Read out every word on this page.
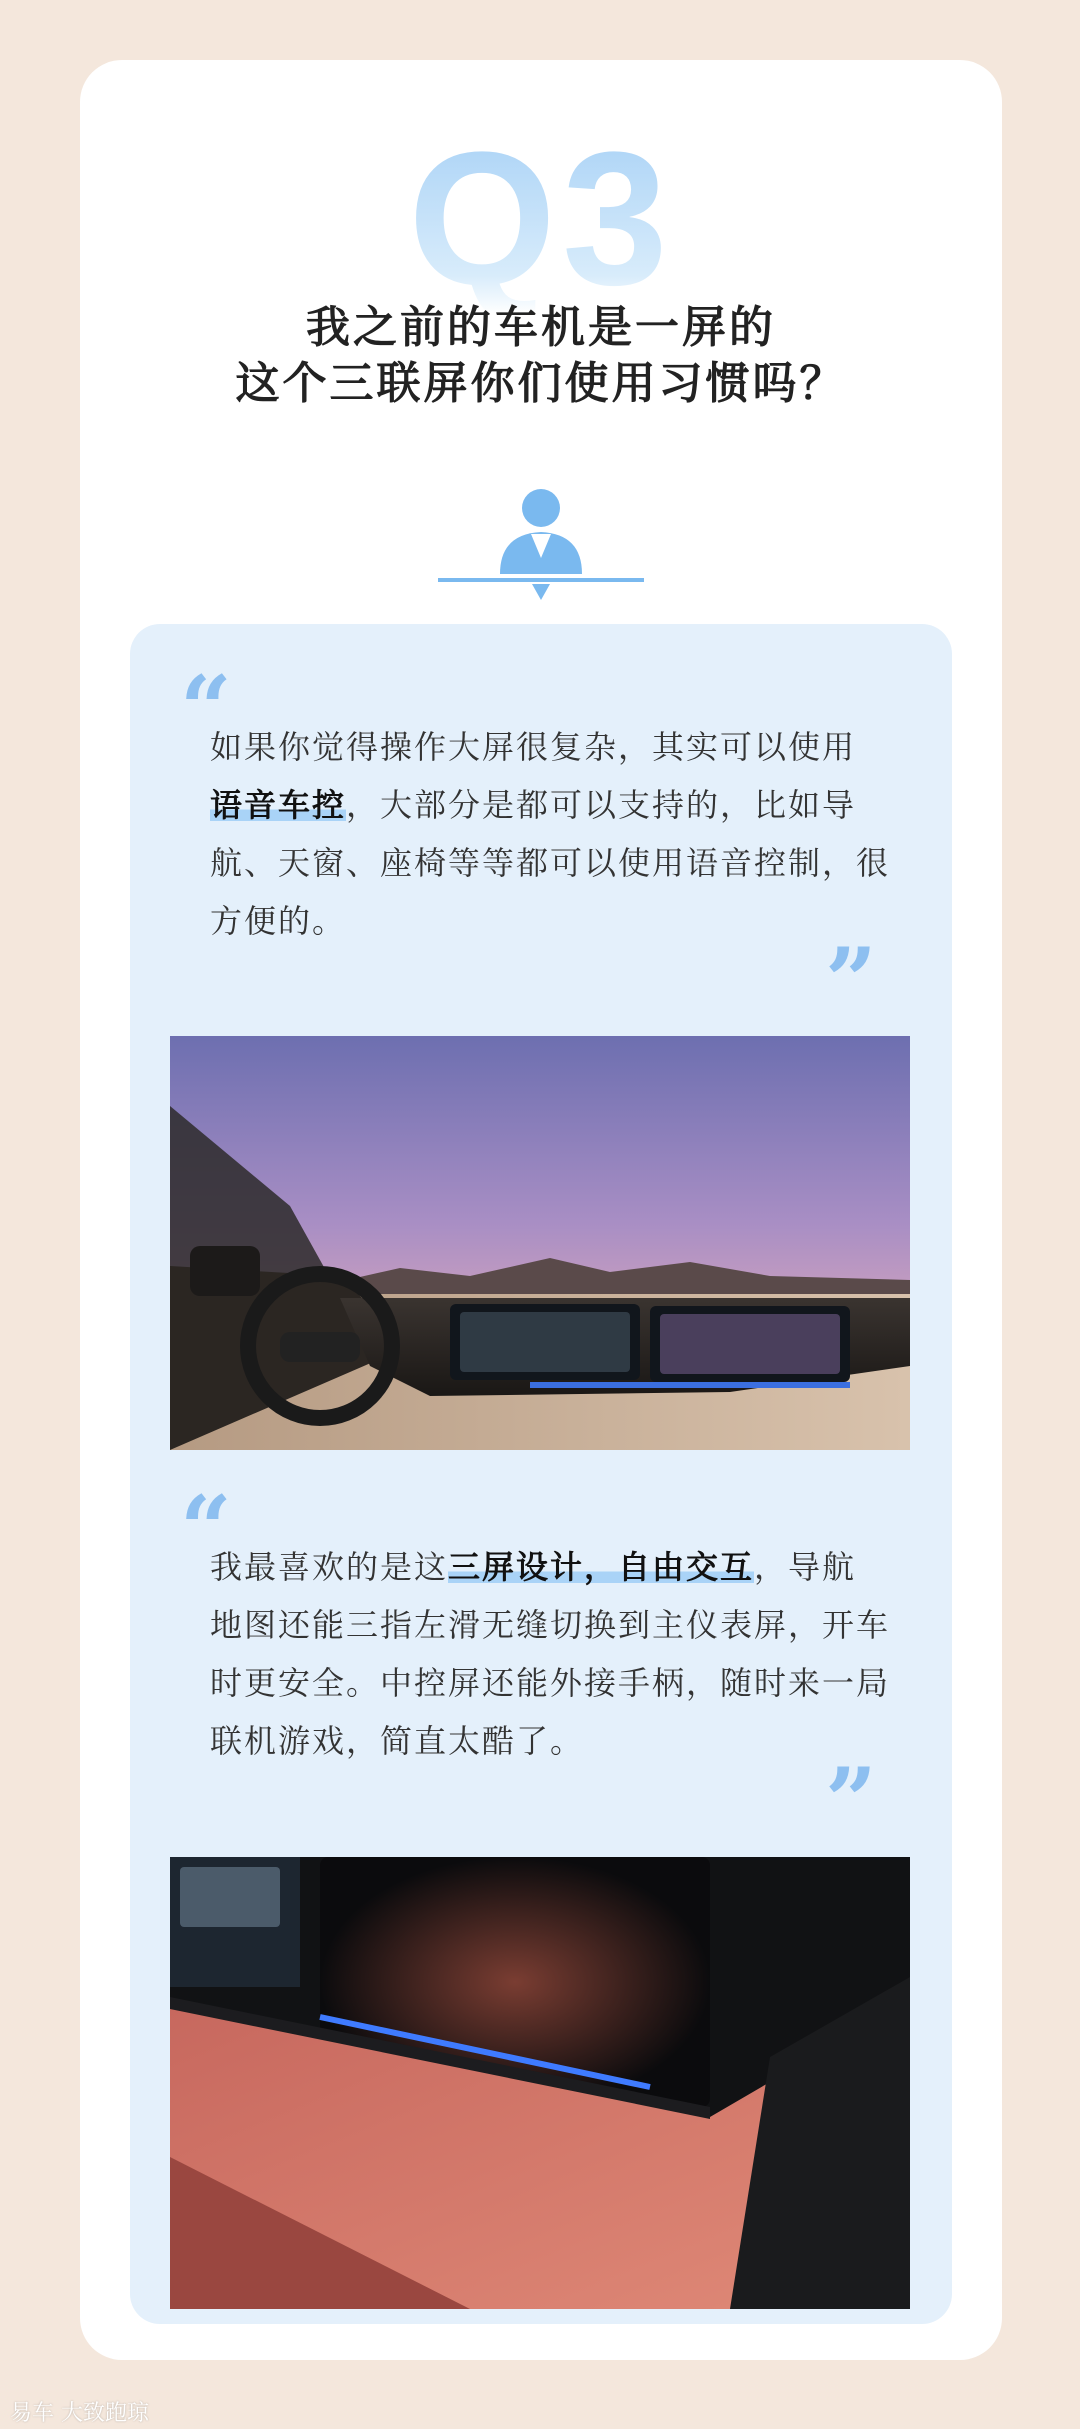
Q3
我之前的车机是一屏的
这个三联屏你们使用习惯吗？
“
如果你觉得操作大屏很复杂，其实可以使用语音车控，大部分是都可以支持的，比如导航、天窗、座椅等等都可以使用语音控制，很方便的。
”
“
我最喜欢的是这三屏设计，自由交互，导航地图还能三指左滑无缝切换到主仪表屏，开车时更安全。中控屏还能外接手柄，随时来一局联机游戏，简直太酷了。
”
易车 大致跑琼
